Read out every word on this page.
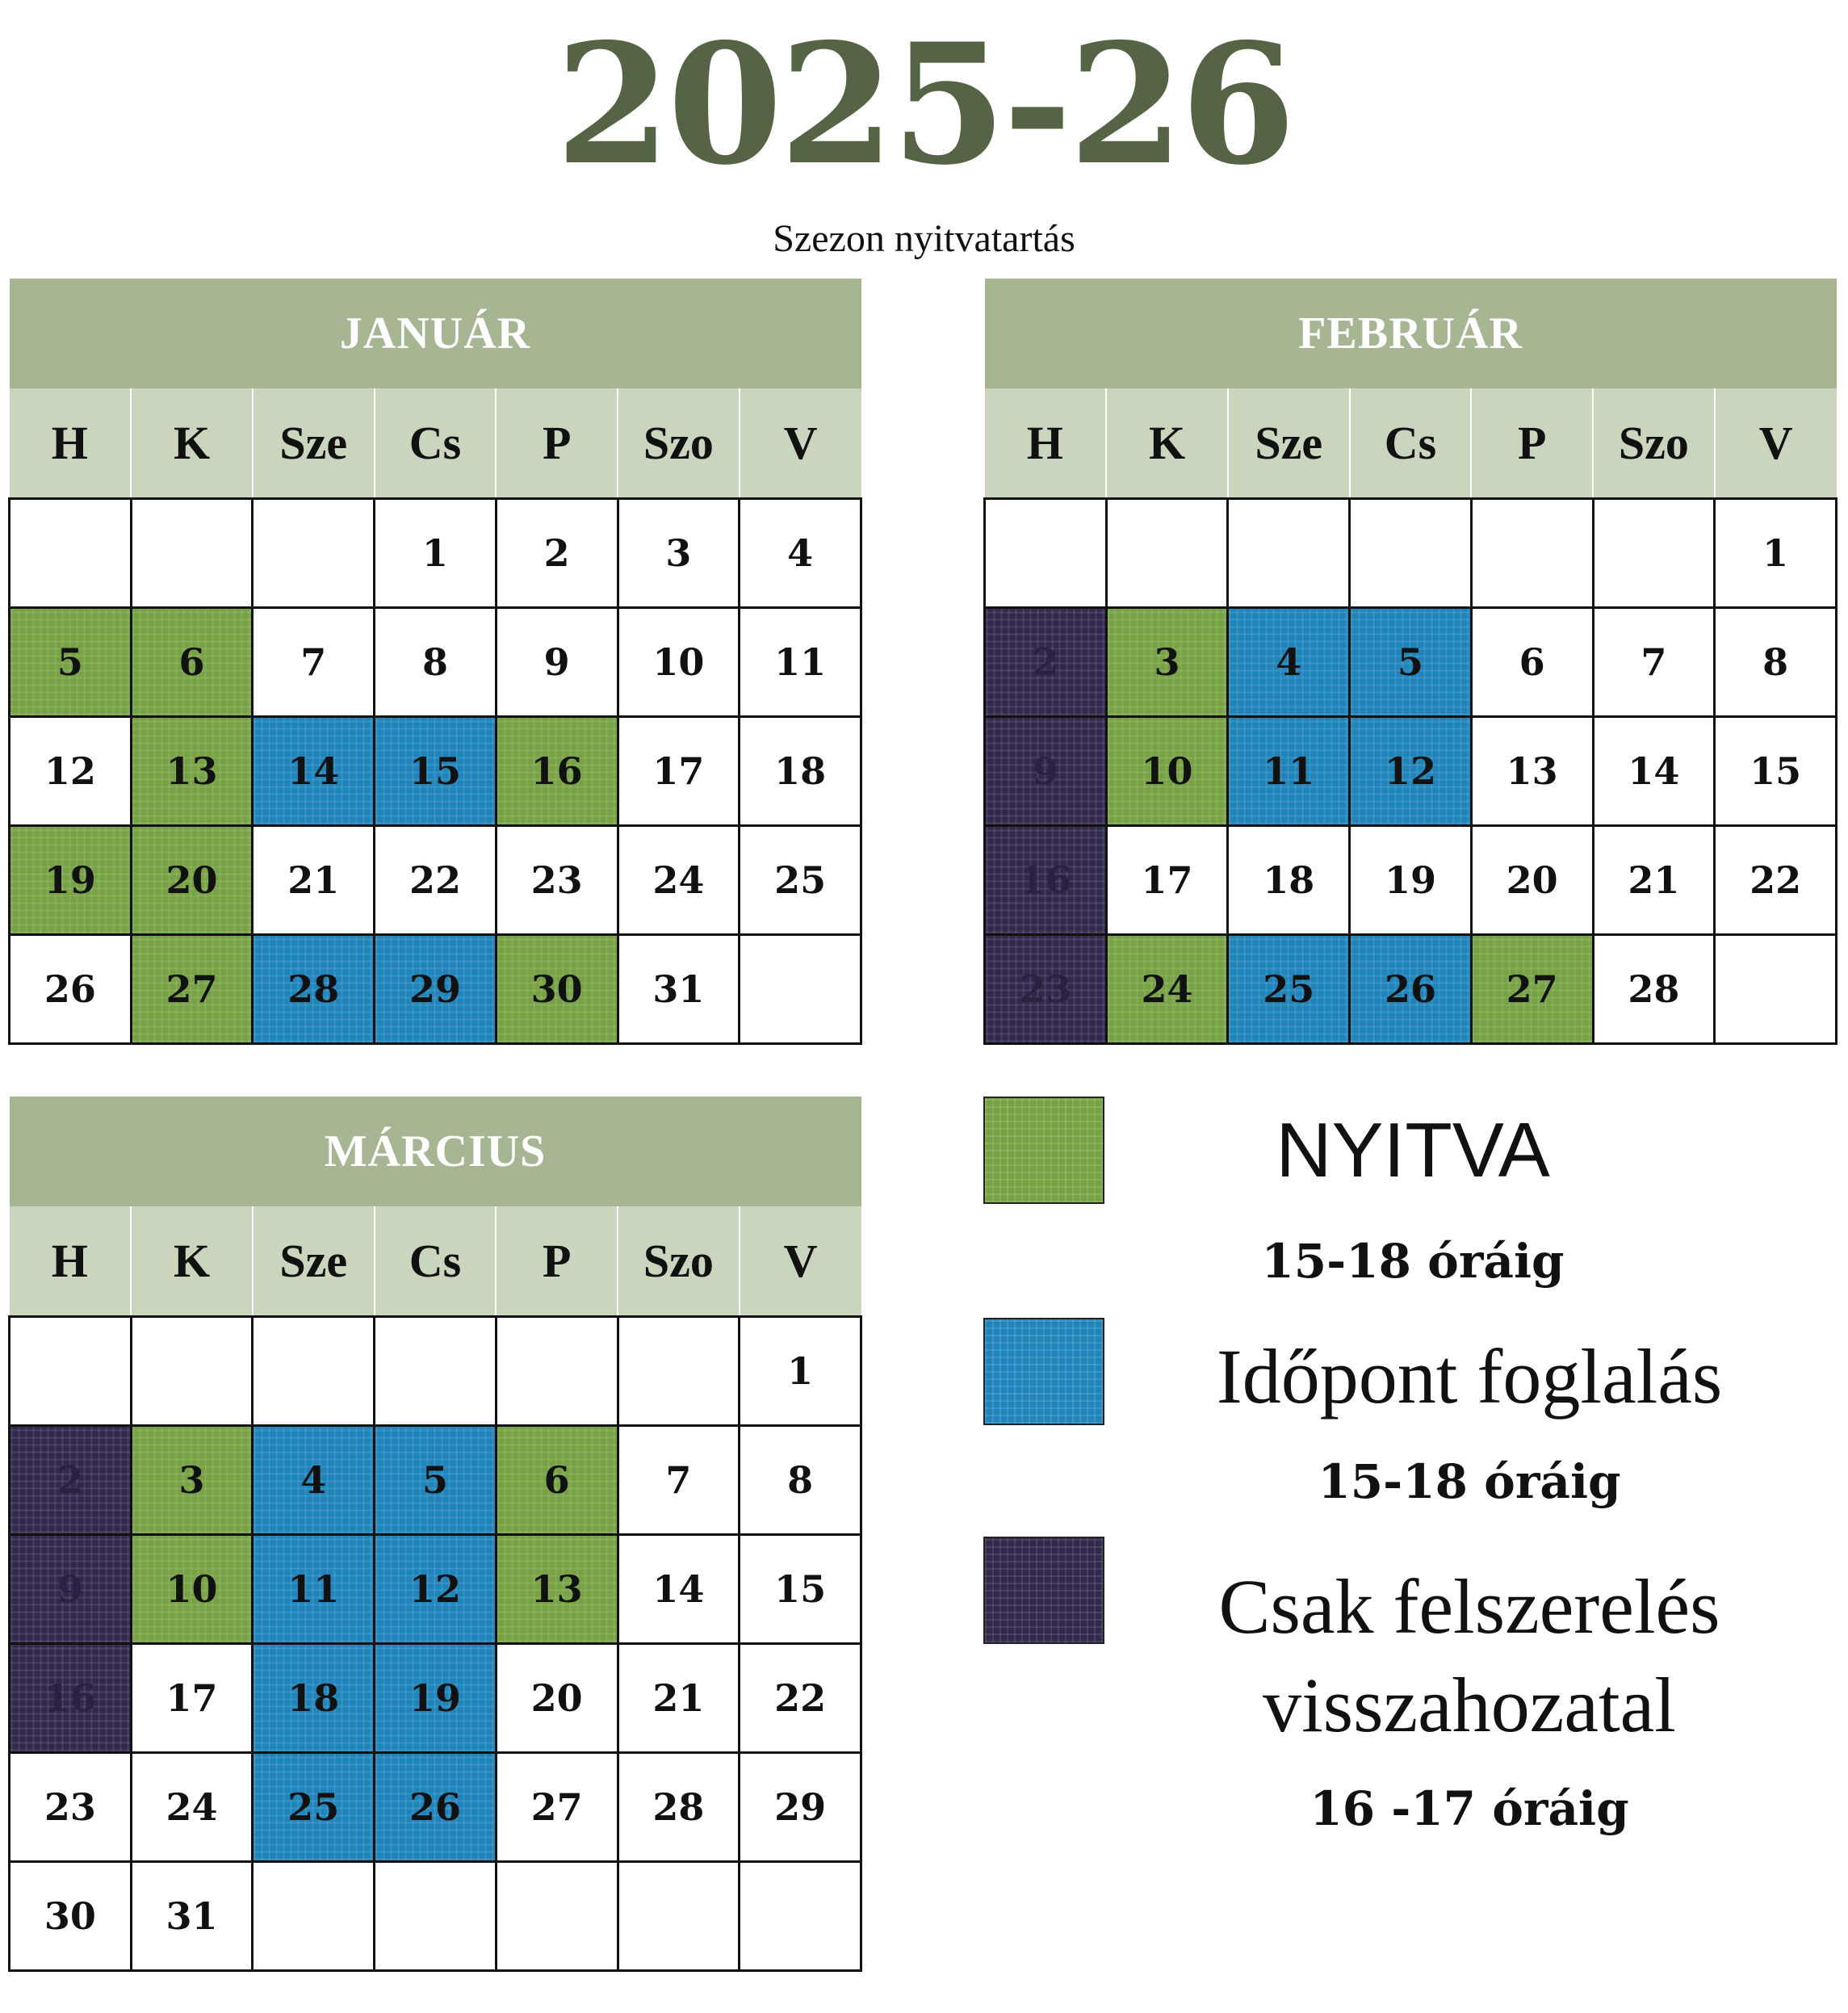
2025-26
Szezon nyitvatartás
JANUÁR						
H	K	Sze	Cs	P	Szo	V
			1	2	3	4
5	6	7	8	9	10	11
12	13	14	15	16	17	18
19	20	21	22	23	24	25
26	27	28	29	30	31	
FEBRUÁR						
H	K	Sze	Cs	P	Szo	V
						1
2	3	4	5	6	7	8
9	10	11	12	13	14	15
16	17	18	19	20	21	22
23	24	25	26	27	28	
MÁRCIUS						
H	K	Sze	Cs	P	Szo	V
						1
2	3	4	5	6	7	8
9	10	11	12	13	14	15
16	17	18	19	20	21	22
23	24	25	26	27	28	29
30	31					
NYITVA
15-18 óráig
Időpont foglalás
15-18 óráig
Csak felszerelés
visszahozatal
16 -17 óráig
